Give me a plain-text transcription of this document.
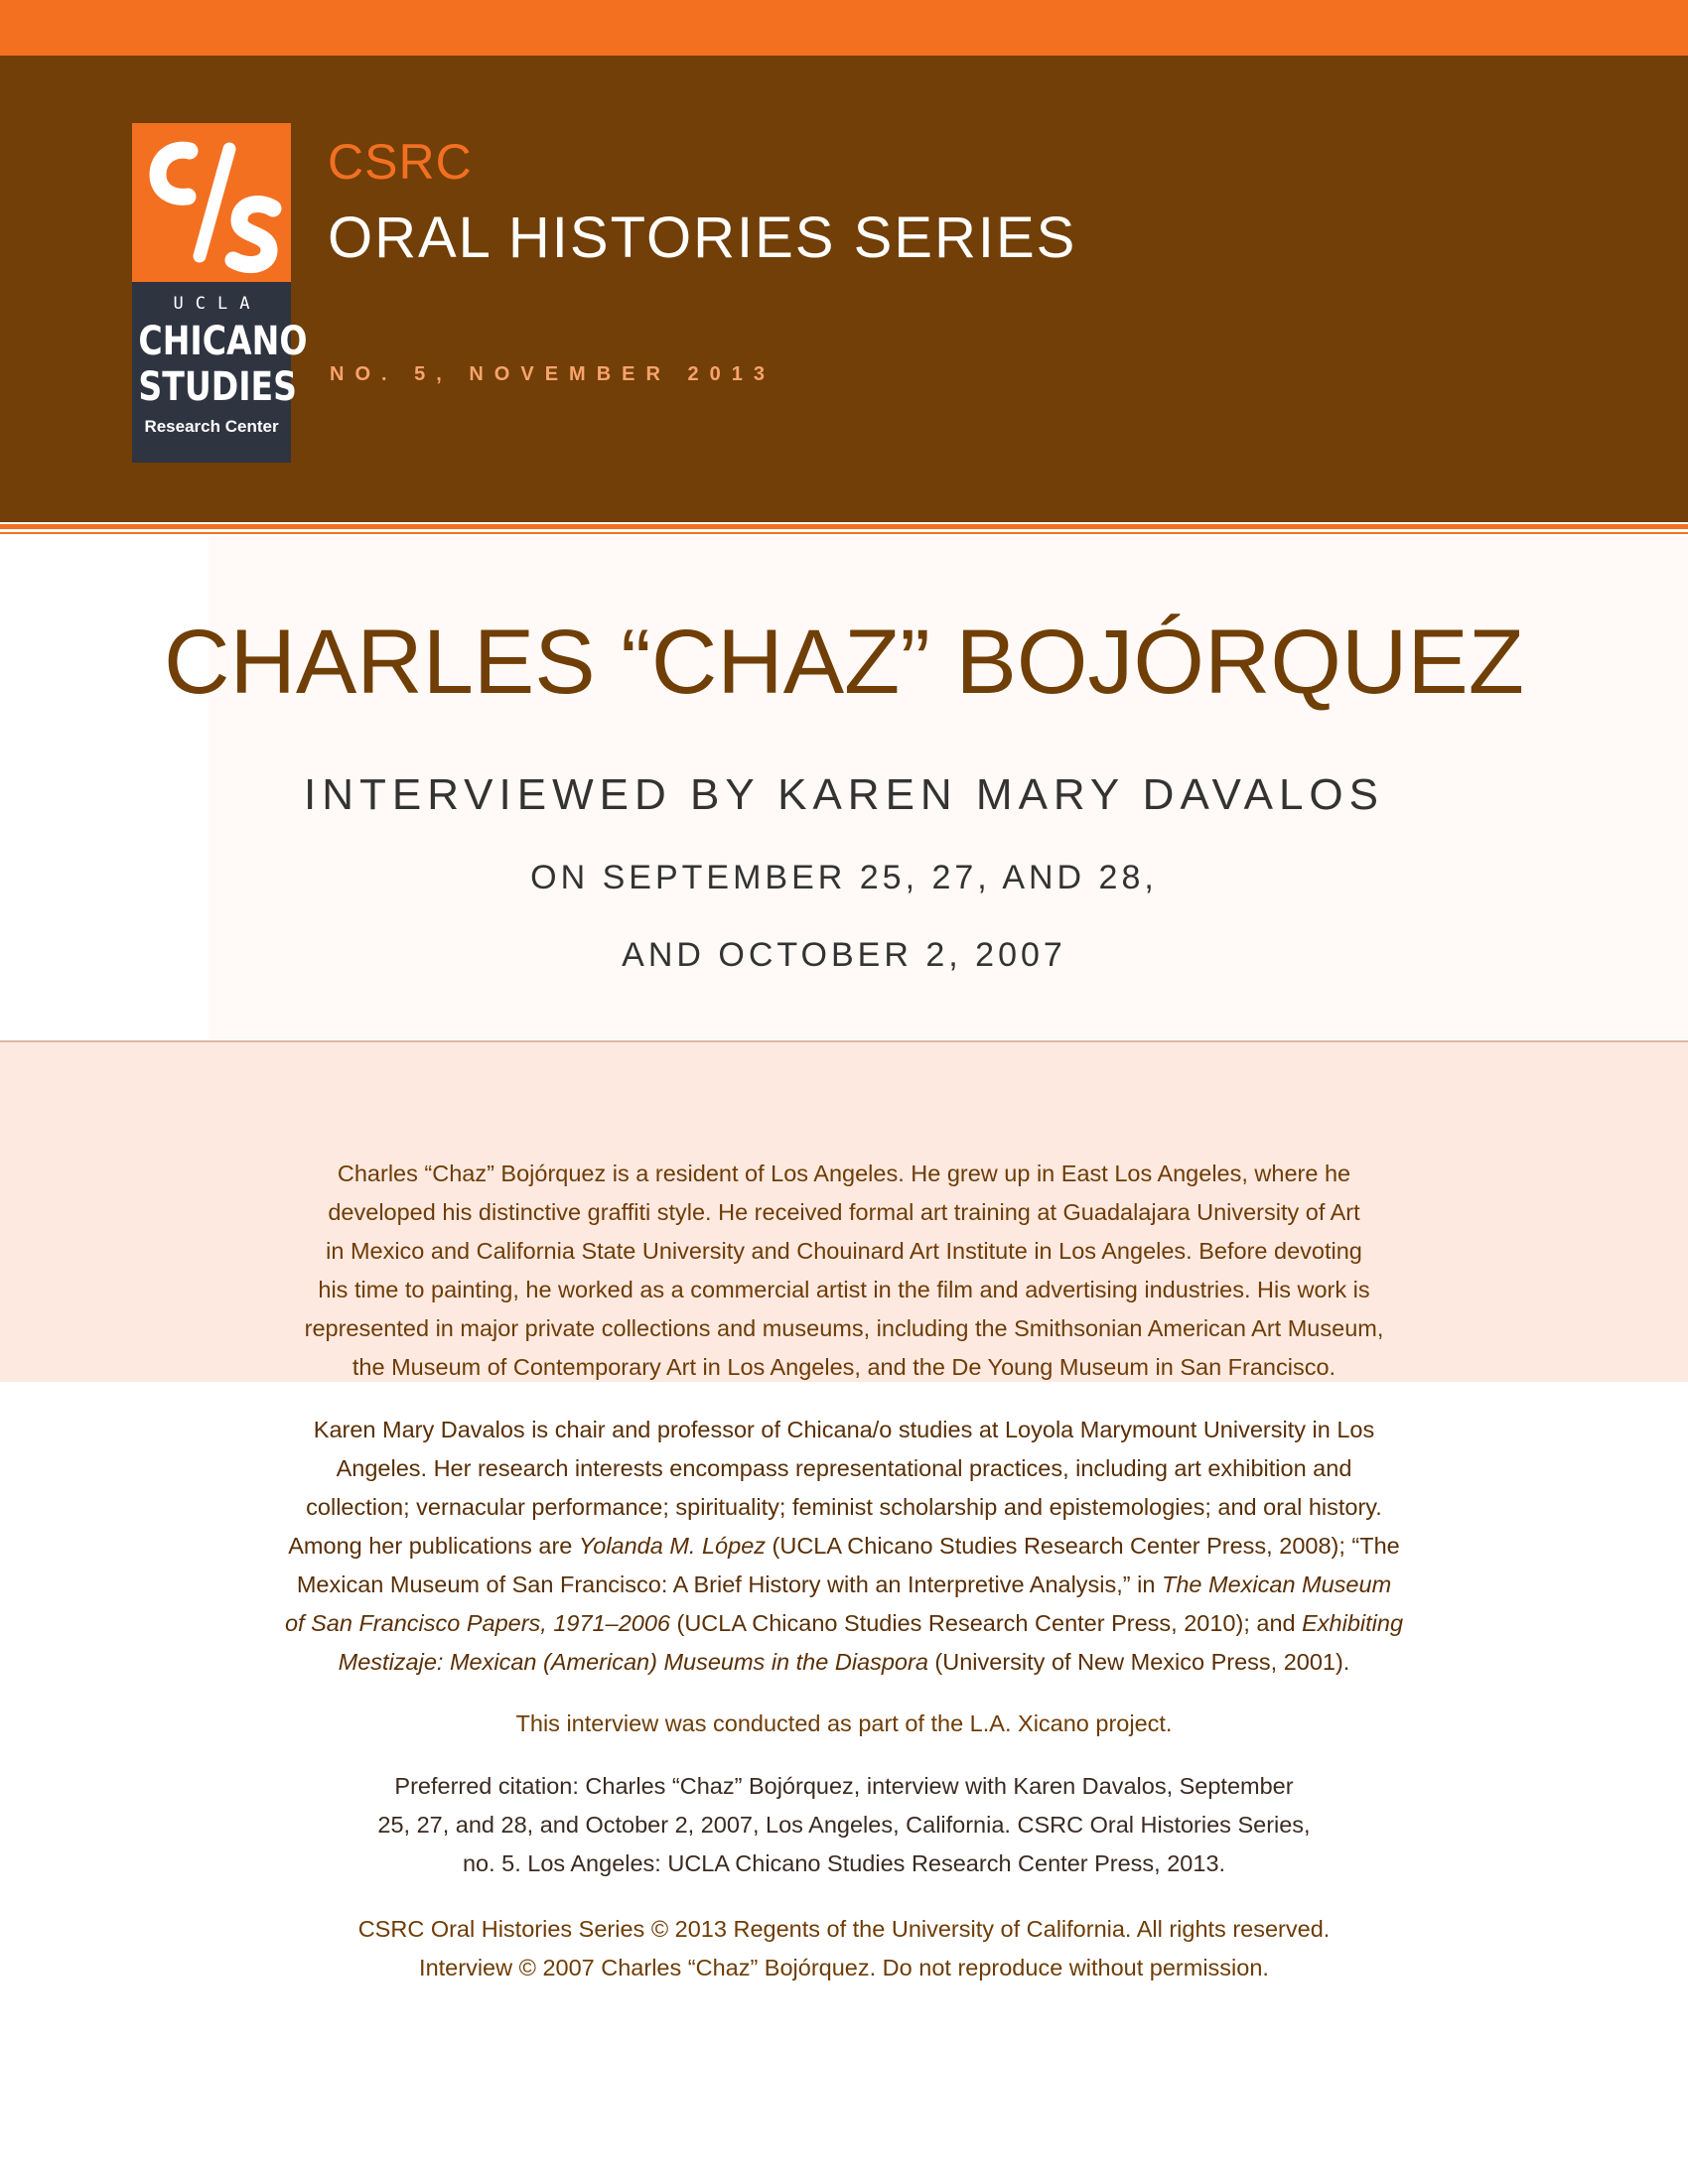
UCLA
CHICANO
STUDIES
Research Center
CSRC
ORAL HISTORIES SERIES
NO. 5, NOVEMBER 2013
CHARLES “CHAZ” BOJÓRQUEZ
INTERVIEWED BY KAREN MARY DAVALOS
ON SEPTEMBER 25, 27, AND 28,
AND OCTOBER 2, 2007
Charles “Chaz” Bojórquez is a resident of Los Angeles. He grew up in East Los Angeles, where he
developed his distinctive graffiti style. He received formal art training at Guadalajara University of Art
in Mexico and California State University and Chouinard Art Institute in Los Angeles. Before devoting
his time to painting, he worked as a commercial artist in the film and advertising industries. His work is
represented in major private collections and museums, including the Smithsonian American Art Museum,
the Museum of Contemporary Art in Los Angeles, and the De Young Museum in San Francisco.
Karen Mary Davalos is chair and professor of Chicana/o studies at Loyola Marymount University in Los
Angeles. Her research interests encompass representational practices, including art exhibition and
collection; vernacular performance; spirituality; feminist scholarship and epistemologies; and oral history.
Among her publications are Yolanda M. López (UCLA Chicano Studies Research Center Press, 2008); “The
Mexican Museum of San Francisco: A Brief History with an Interpretive Analysis,” in The Mexican Museum
of San Francisco Papers, 1971–2006 (UCLA Chicano Studies Research Center Press, 2010); and Exhibiting
Mestizaje: Mexican (American) Museums in the Diaspora (University of New Mexico Press, 2001).
This interview was conducted as part of the L.A. Xicano project.
Preferred citation: Charles “Chaz” Bojórquez, interview with Karen Davalos, September
25, 27, and 28, and October 2, 2007, Los Angeles, California. CSRC Oral Histories Series,
no. 5. Los Angeles: UCLA Chicano Studies Research Center Press, 2013.
CSRC Oral Histories Series © 2013 Regents of the University of California. All rights reserved.
Interview © 2007 Charles “Chaz” Bojórquez. Do not reproduce without permission.
